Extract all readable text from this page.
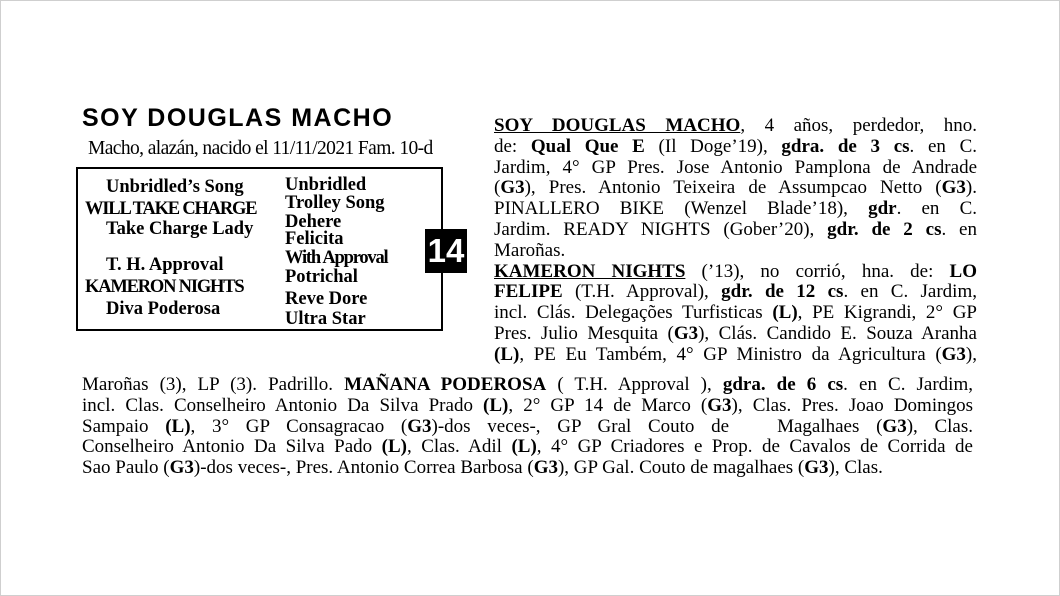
SOY DOUGLAS MACHO
Macho, alazán, nacido el 11/11/2021 Fam. 10-d
Unbridled’s Song
WILL TAKE CHARGE
Take Charge Lady
T. H. Approval
KAMERON NIGHTS
Diva Poderosa
Unbridled
Trolley Song
Dehere
Felicita
With Approval
Potrichal
Reve Dore
Ultra Star
14
SOY DOUGLAS MACHO, 4 años, perdedor, hno.
de: Qual Que E (Il Doge’19), gdra. de 3 cs. en C.
Jardim, 4° GP Pres. Jose Antonio Pamplona de Andrade
(G3), Pres. Antonio Teixeira de Assumpcao Netto (G3).
PINALLERO BIKE (Wenzel Blade’18), gdr. en C.
Jardim. READY NIGHTS (Gober’20), gdr. de 2 cs. en
Maroñas.
KAMERON NIGHTS (’13), no corrió, hna. de: LO
FELIPE (T.H. Approval), gdr. de 12 cs. en C. Jardim,
incl. Clás. Delegações Turfisticas (L), PE Kigrandi, 2° GP
Pres. Julio Mesquita (G3), Clás. Candido E. Souza Aranha
(L), PE Eu Também, 4° GP Ministro da Agricultura (G3),
Maroñas (3), LP (3). Padrillo. MAÑANA PODEROSA ( T.H. Approval ), gdra. de 6 cs. en C. Jardim,
incl. Clas. Conselheiro Antonio Da Silva Prado (L), 2° GP 14 de Marco (G3), Clas. Pres. Joao Domingos
Sampaio (L), 3° GP Consagracao (G3)-dos veces-, GP Gral Couto de	Magalhaes (G3), Clas.
Conselheiro Antonio Da Silva Pado (L), Clas. Adil (L), 4° GP Criadores e Prop. de Cavalos de Corrida de
Sao Paulo (G3)-dos veces-, Pres. Antonio Correa Barbosa (G3), GP Gal. Couto de magalhaes (G3), Clas.
